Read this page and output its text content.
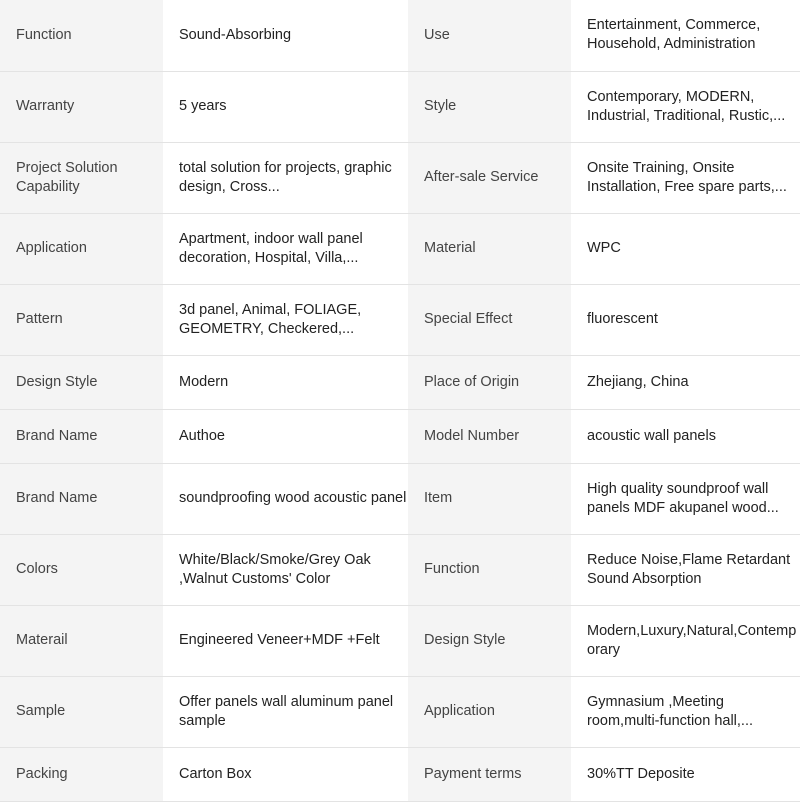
Function	Sound-Absorbing	Use	Entertainment, Commerce, Household, Administration

Warranty	5 years	Style	Contemporary, MODERN, Industrial, Traditional, Rustic,...

Project Solution Capability	total solution for projects, graphic design, Cross...	After-sale Service	Onsite Training, Onsite Installation, Free spare parts,...

Application	Apartment, indoor wall panel decoration, Hospital, Villa,...	Material	WPC

Pattern	3d panel, Animal, FOLIAGE, GEOMETRY, Checkered,...	Special Effect	fluorescent

Design Style	Modern	Place of Origin	Zhejiang, China

Brand Name	Authoe	Model Number	acoustic wall panels

Brand Name	soundproofing wood acoustic panel	Item	High quality soundproof wall panels MDF akupanel wood...

Colors	White/Black/Smoke/Grey Oak ,Walnut Customs' Color	Function	Reduce Noise,Flame Retardant Sound Absorption

Materail	Engineered Veneer+MDF +Felt	Design Style	Modern,Luxury,Natural,Contemporary

Sample	Offer panels wall aluminum panel sample	Application	Gymnasium ,Meeting room,multi-function hall,...

Packing	Carton Box	Payment terms	30%TT Deposite
